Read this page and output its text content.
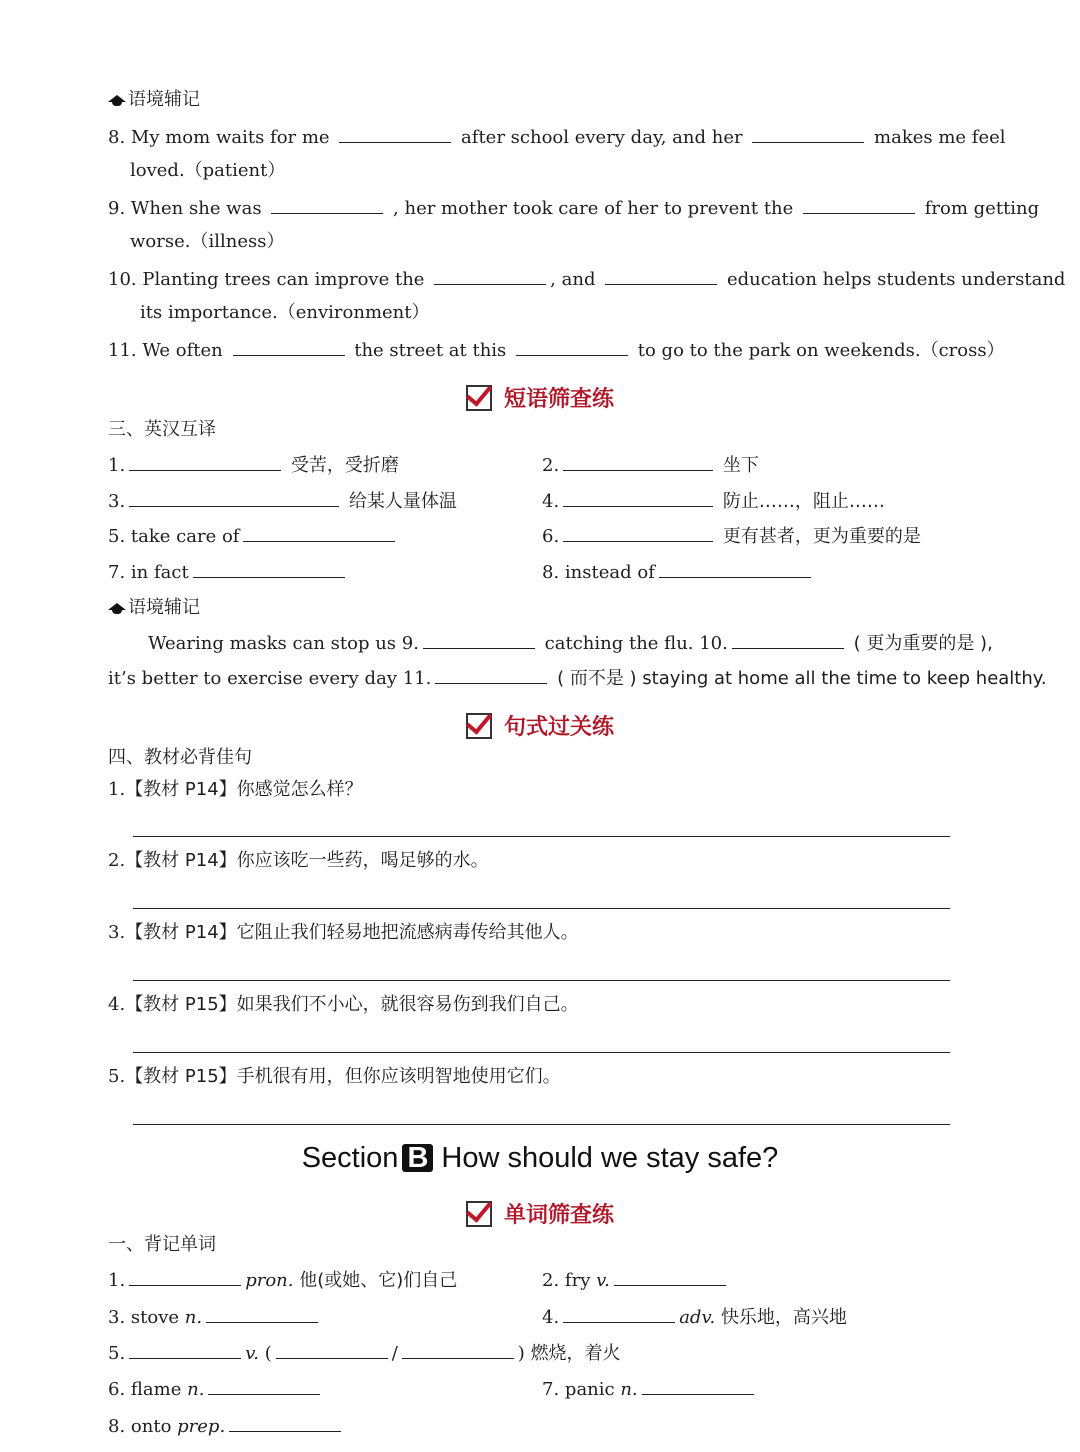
语境辅记
8. My mom waits for me	after school every day, and her	makes me feel
loved.（patient）
9. When she was	, her mother took care of her to prevent the	from getting
worse.（illness）
10. Planting trees can improve the	, and	education helps students understand
its importance.（environment）
11. We often	the street at this	to go to the park on weekends.（cross）
短语筛查练
三、英汉互译
1.	受苦，受折磨	2.	坐下
3.	给某人量体温	4.	防止……，阻止……
5. take care of	6.	更有甚者，更为重要的是
7. in fact	8. instead of
语境辅记
Wearing masks can stop us 9.	catching the flu. 10.	( 更为重要的是 ),
it’s better to exercise every day 11.	( 而不是 ) staying at home all the time to keep healthy.
句式过关练
四、教材必背佳句
1.【教材 P14】你感觉怎么样？
2.【教材 P14】你应该吃一些药，喝足够的水。
3.【教材 P14】它阻止我们轻易地把流感病毒传给其他人。
4.【教材 P15】如果我们不小心，就很容易伤到我们自己。
5.【教材 P15】手机很有用，但你应该明智地使用它们。
Section B How should we stay safe?
单词筛查练
一、背记单词
1.	pron. 他(或她、它)们自己	2. fry v.
3. stove n.	4.	adv. 快乐地，高兴地
5.	v. (	/	) 燃烧，着火
6. flame n.	7. panic n.
8. onto prep.
